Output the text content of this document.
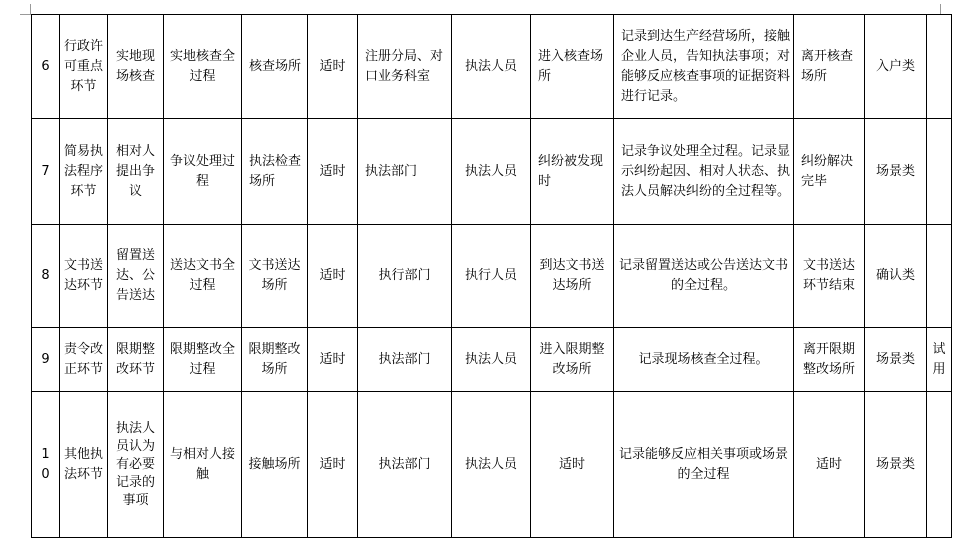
6	行政许可重点环节	实地现场核查	实地核查全过程	核查场所	适时	注册分局、对口业务科室	执法人员	进入核查场所	记录到达生产经营场所，接触企业人员，告知执法事项；对能够反应核查事项的证据资料进行记录。	离开核查场所	入户类	
7	简易执法程序环节	相对人提出争议	争议处理过程	执法检查场所	适时	执法部门	执法人员	纠纷被发现时	记录争议处理全过程。记录显示纠纷起因、相对人状态、执法人员解决纠纷的全过程等。	纠纷解决完毕	场景类	
8	文书送达环节	留置送达、公告送达	送达文书全过程	文书送达场所	适时	执行部门	执行人员	到达文书送达场所	记录留置送达或公告送达文书的全过程。	文书送达环节结束	确认类	
9	责令改正环节	限期整改环节	限期整改全过程	限期整改场所	适时	执法部门	执法人员	进入限期整改场所	记录现场核查全过程。	离开限期整改场所	场景类	试用
10	其他执法环节	执法人员认为有必要记录的事项	与相对人接触	接触场所	适时	执法部门	执法人员	适时	记录能够反应相关事项或场景的全过程	适时	场景类	
